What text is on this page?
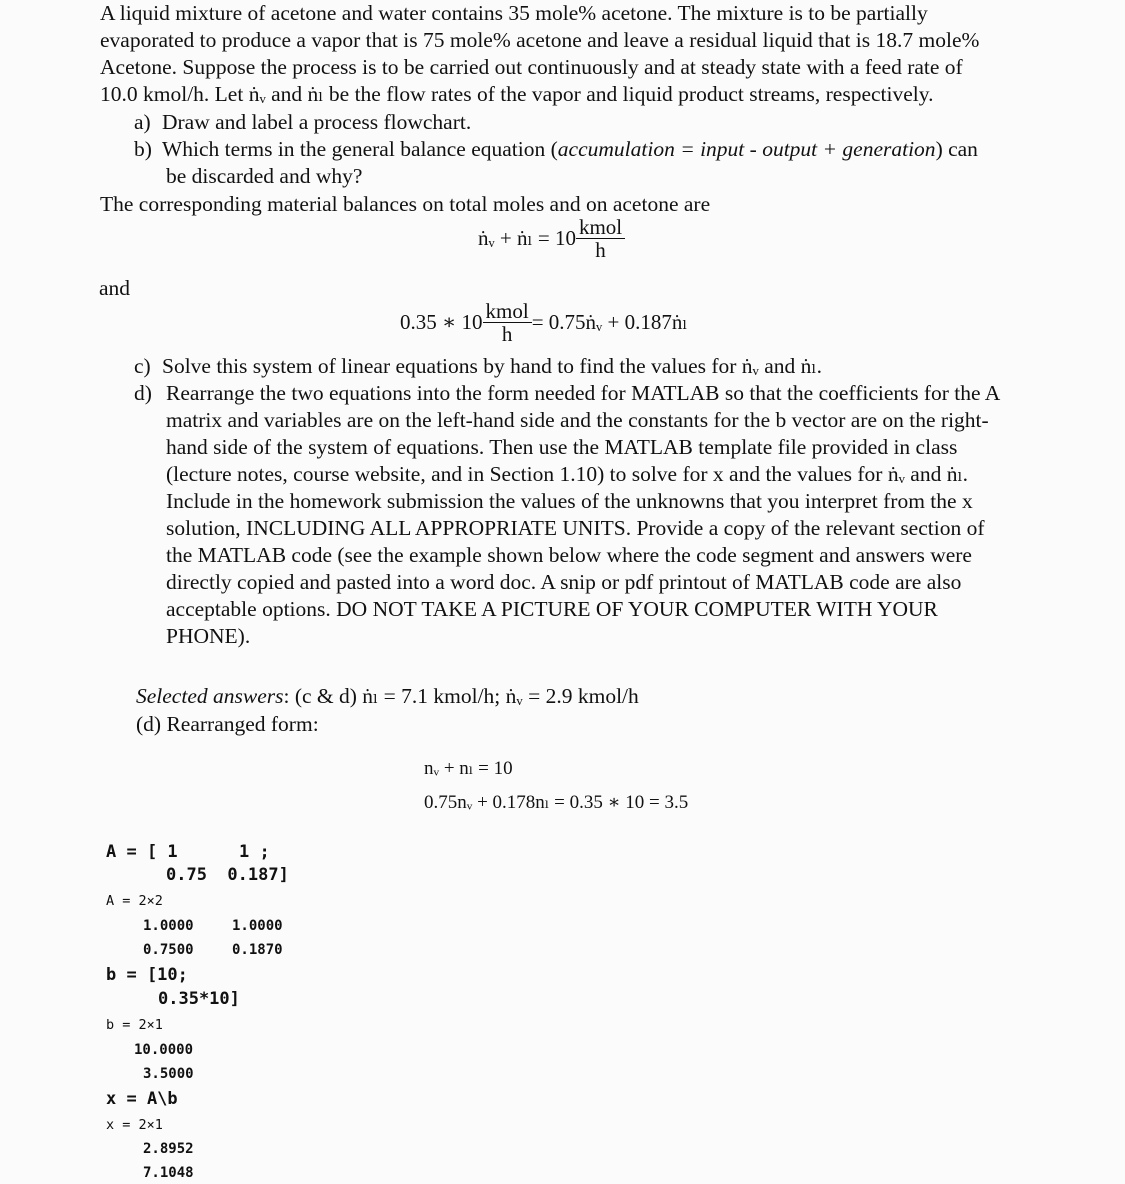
A liquid mixture of acetone and water contains 35 mole% acetone. The mixture is to be partially
evaporated to produce a vapor that is 75 mole% acetone and leave a residual liquid that is 18.7 mole%
Acetone. Suppose the process is to be carried out continuously and at steady state with a feed rate of
10.0 kmol/h. Let ṅᵥ and ṅₗ be the flow rates of the vapor and liquid product streams, respectively.
a) Draw and label a process flowchart.
b) Which terms in the general balance equation (accumulation = input - output + generation) can
be discarded and why?
The corresponding material balances on total moles and on acetone are
ṅᵥ + ṅₗ = $10 \frac{\text{kmol}}{h}$
and
0.35 ∗ $10 \frac{\text{kmol}}{h}$ = 0.75ṅᵥ + 0.187ṅₗ
c) Solve this system of linear equations by hand to find the values for ṅᵥ and ṅₗ.
d) Rearrange the two equations into the form needed for MATLAB so that the coefficients for the A
matrix and variables are on the left-hand side and the constants for the b vector are on the right-
hand side of the system of equations. Then use the MATLAB template file provided in class
(lecture notes, course website, and in Section 1.10) to solve for x and the values for ṅᵥ and ṅₗ.
Include in the homework submission the values of the unknowns that you interpret from the x
solution, INCLUDING ALL APPROPRIATE UNITS. Provide a copy of the relevant section of
the MATLAB code (see the example shown below where the code segment and answers were
directly copied and pasted into a word doc. A snip or pdf printout of MATLAB code are also
acceptable options. DO NOT TAKE A PICTURE OF YOUR COMPUTER WITH YOUR
PHONE).
Selected answers: (c & d) ṅₗ = 7.1 kmol/h; ṅᵥ = 2.9 kmol/h
(d) Rearranged form:
nᵥ + nₗ = 10
0.75nᵥ + 0.178nₗ = 0.35 ∗ 10 = 3.5
A = [ 1      1 ;
0.75  0.187]
A = 2×2
1.0000	1.0000
0.7500	0.1870
b = [10;
0.35*10]
b = 2×1
10.0000
3.5000
x = A\b
x = 2×1
2.8952
7.1048
